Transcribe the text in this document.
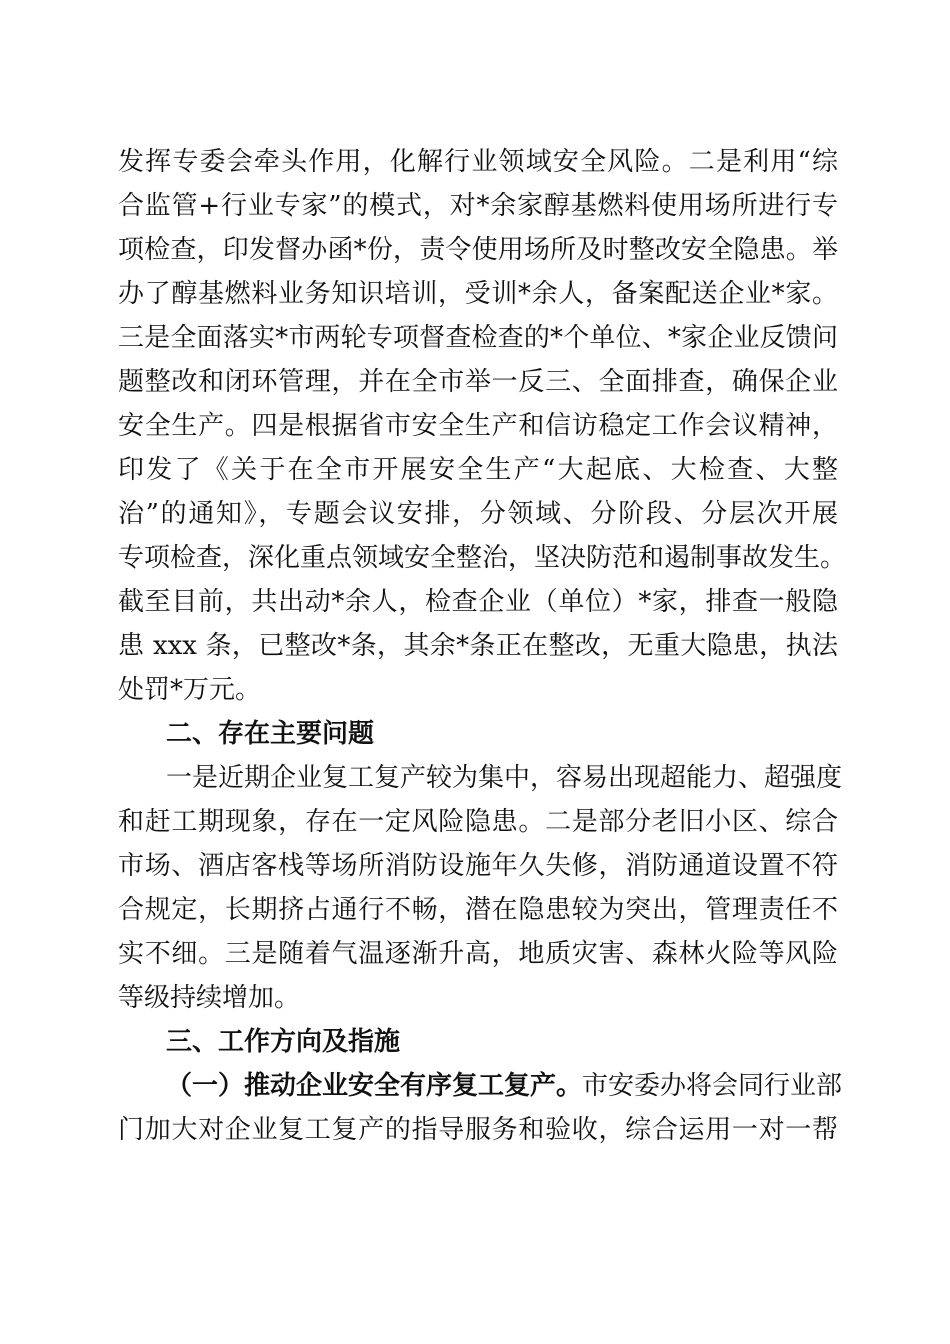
发挥专委会牵头作用，化解行业领域安全风险。二是利用“综
合监管+行业专家”的模式，对*余家醇基燃料使用场所进行专
项检查，印发督办函*份，责令使用场所及时整改安全隐患。举
办了醇基燃料业务知识培训，受训*余人，备案配送企业*家。
三是全面落实*市两轮专项督查检查的*个单位、*家企业反馈问
题整改和闭环管理，并在全市举一反三、全面排查，确保企业
安全生产。四是根据省市安全生产和信访稳定工作会议精神，
印发了《关于在全市开展安全生产“大起底、大检查、大整
治”的通知》，专题会议安排，分领域、分阶段、分层次开展
专项检查，深化重点领域安全整治，坚决防范和遏制事故发生。
截至目前，共出动*余人，检查企业（单位）*家，排查一般隐
患 xxx 条，已整改*条，其余*条正在整改，无重大隐患，执法
处罚*万元。
二、存在主要问题
一是近期企业复工复产较为集中，容易出现超能力、超强度
和赶工期现象，存在一定风险隐患。二是部分老旧小区、综合
市场、酒店客栈等场所消防设施年久失修，消防通道设置不符
合规定，长期挤占通行不畅，潜在隐患较为突出，管理责任不
实不细。三是随着气温逐渐升高，地质灾害、森林火险等风险
等级持续增加。
三、工作方向及指施
（一）推动企业安全有序复工复产。市安委办将会同行业部
门加大对企业复工复产的指导服务和验收，综合运用一对一帮
